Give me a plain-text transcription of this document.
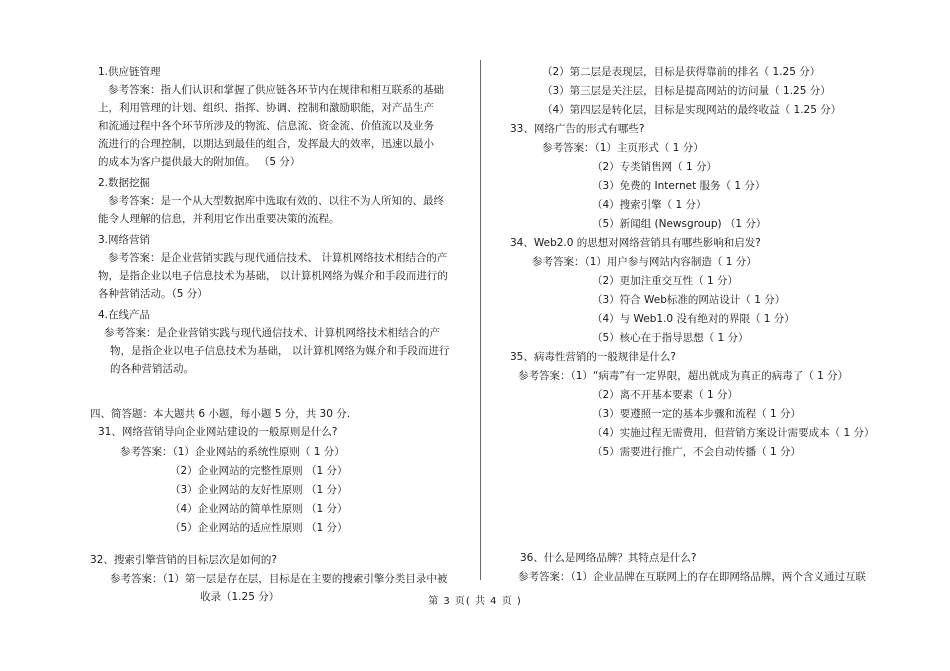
1.供应链管理
参考答案：指人们认识和掌握了供应链各环节内在规律和相互联系的基础
上，利用管理的计划、组织、指挥、协调、控制和激励职能，对产品生产
和流通过程中各个环节所涉及的物流、信息流、资金流、价值流以及业务
流进行的合理控制，以期达到最佳的组合，发挥最大的效率，迅速以最小
的成本为客户提供最大的附加值。 （5 分）
2.数据挖掘
参考答案：是一个从大型数据库中选取有效的、以往不为人所知的、最终
能令人理解的信息，并利用它作出重要决策的流程。
3.网络营销
参考答案：是企业营销实践与现代通信技术、 计算机网络技术相结合的产
物，是指企业以电子信息技术为基础， 以计算机网络为媒介和手段而进行的
各种营销活动。（5 分）
4.在线产品
参考答案：是企业营销实践与现代通信技术、计算机网络技术相结合的产
物，是指企业以电子信息技术为基础， 以计算机网络为媒介和手段而进行
的各种营销活动。
四、简答题：本大题共 6 小题，每小题 5 分，共 30 分.
31、网络营销导向企业网站建设的一般原则是什么?
参考答案：（1）企业网站的系统性原则（ 1 分）
（2）企业网站的完整性原则 （1 分）
（3）企业网站的友好性原则 （1 分）
（4）企业网站的简单性原则 （1 分）
（5）企业网站的适应性原则 （1 分）
32、搜索引擎营销的目标层次是如何的?
参考答案：（1）第一层是存在层，目标是在主要的搜索引擎分类目录中被
收录（1.25 分）
（2）第二层是表现层，目标是获得靠前的排名（ 1.25 分）
（3）第三层是关注层，目标是提高网站的访问量（ 1.25 分）
（4）第四层是转化层，目标是实现网站的最终收益（ 1.25 分）
33、网络广告的形式有哪些?
参考答案：（1）主页形式（ 1 分）
（2）专类销售网（ 1 分）
（3）免费的 Internet 服务（ 1 分）
（4）搜索引擎（ 1 分）
（5）新闻组 (Newsgroup) （1 分）
34、Web2.0 的思想对网络营销具有哪些影响和启发?
参考答案：（1）用户参与网站内容制造（ 1 分）
（2）更加注重交互性（ 1 分）
（3）符合 Web标准的网站设计（ 1 分）
（4）与 Web1.0 没有绝对的界限（ 1 分）
（5）核心在于指导思想（ 1 分）
35、病毒性营销的一般规律是什么?
参考答案：（1）“病毒”有一定界限，超出就成为真正的病毒了（ 1 分）
（2）离不开基本要素（ 1 分）
（3）要遵照一定的基本步骤和流程（ 1 分）
（4）实施过程无需费用，但营销方案设计需要成本（ 1 分）
（5）需要进行推广，不会自动传播（ 1 分）
36、什么是网络品牌？其特点是什么?
参考答案：（1）企业品牌在互联网上的存在即网络品牌，两个含义通过互联
第 3 页( 共 4 页 )
